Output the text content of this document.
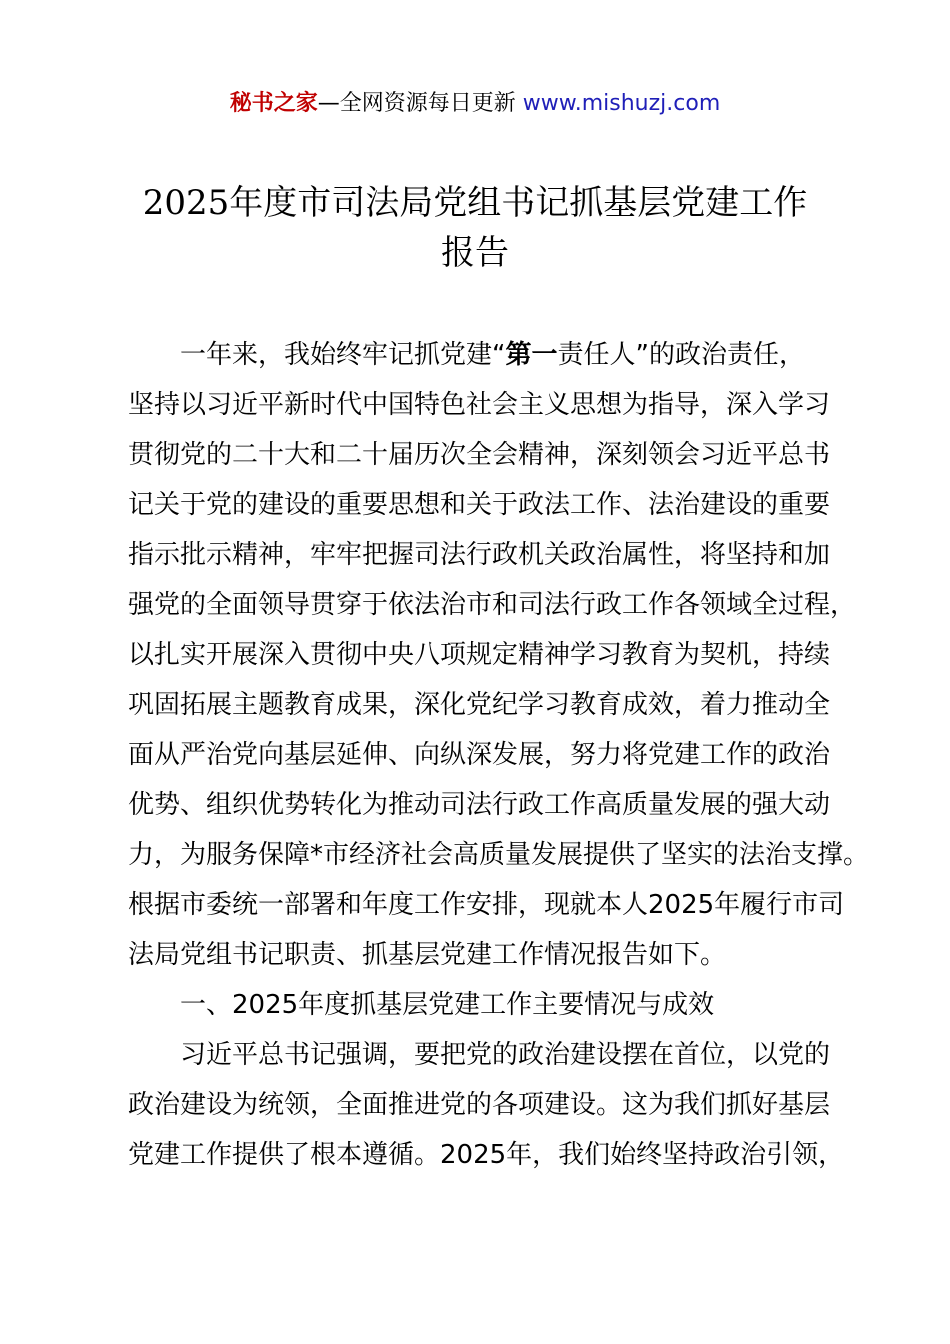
秘书之家—全网资源每日更新 www.mishuzj.com
2025年度市司法局党组书记抓基层党建工作
报告
一年来，我始终牢记抓党建“第一责任人”的政治责任，
坚持以习近平新时代中国特色社会主义思想为指导，深入学习
贯彻党的二十大和二十届历次全会精神，深刻领会习近平总书
记关于党的建设的重要思想和关于政法工作、法治建设的重要
指示批示精神，牢牢把握司法行政机关政治属性，将坚持和加
强党的全面领导贯穿于依法治市和司法行政工作各领域全过程，
以扎实开展深入贯彻中央八项规定精神学习教育为契机，持续
巩固拓展主题教育成果，深化党纪学习教育成效，着力推动全
面从严治党向基层延伸、向纵深发展，努力将党建工作的政治
优势、组织优势转化为推动司法行政工作高质量发展的强大动
力，为服务保障*市经济社会高质量发展提供了坚实的法治支撑。
根据市委统一部署和年度工作安排，现就本人2025年履行市司
法局党组书记职责、抓基层党建工作情况报告如下。
一、2025年度抓基层党建工作主要情况与成效
习近平总书记强调，要把党的政治建设摆在首位，以党的
政治建设为统领，全面推进党的各项建设。这为我们抓好基层
党建工作提供了根本遵循。2025年，我们始终坚持政治引领，
